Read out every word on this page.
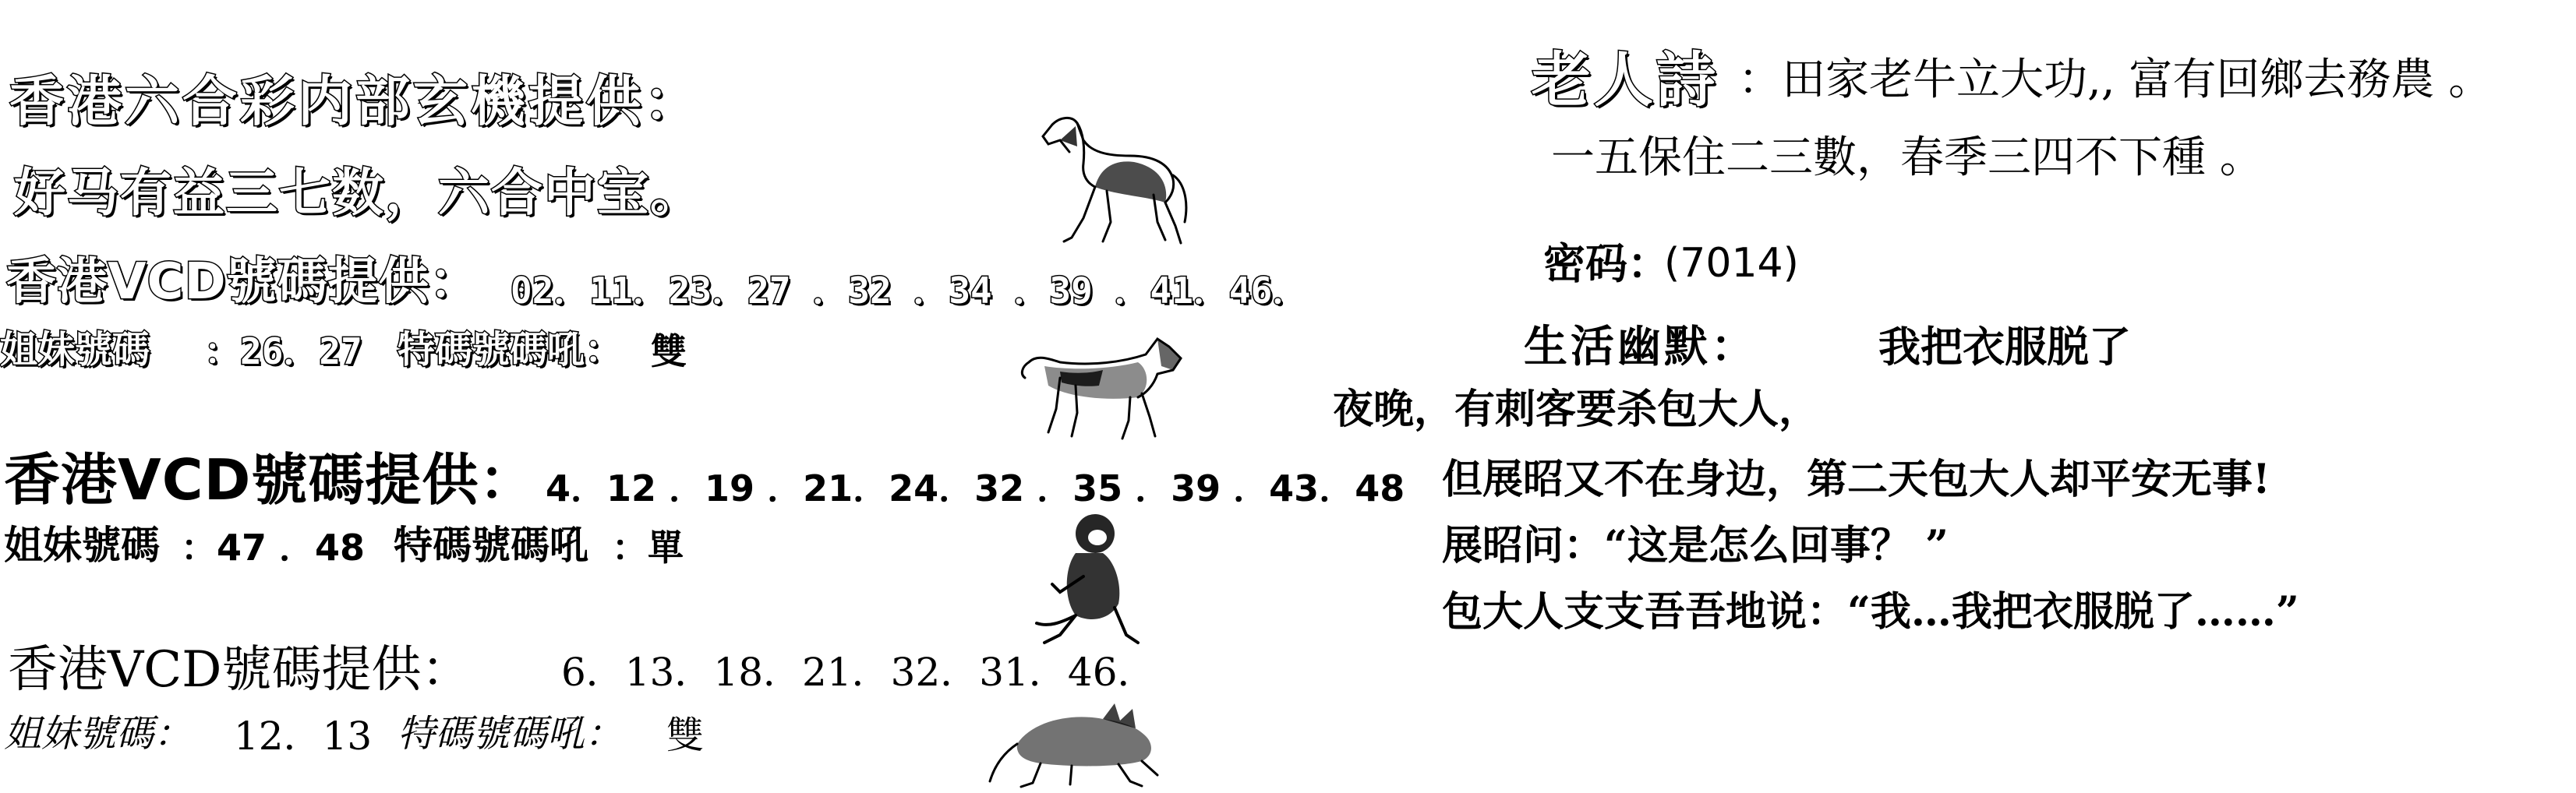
香港六合彩内部玄機提供：
好马有益三七数，六合中宝。
香港VCD號碼提供： 02．11．23．27 ．32 ．34 ．39 ．41．46．
姐妹號碼 ：26．27 特碼號碼吼： 雙
香港VCD號碼提供： 4．12 ．19 ．21．24．32 ．35 ．39 ．43．48
姐妹號碼 ：47 ．48 特碼號碼吼 ：單
香港VCD號碼提供： 6．13．18．21．32．31．46．
姐妹號碼： 12．13 特碼號碼吼： 雙
老人詩 ：田家老牛立大功,, 富有回鄉去務農 。
一五保住二三數，春季三四不下種 。
密码：
(7014)
生活幽默：	我把衣服脱了
夜晚，有刺客要杀包大人，
但展昭又不在身边，第二天包大人却平安无事!
展昭问：“这是怎么回事？ ”
包大人支支吾吾地说：“我…我把衣服脱了……”
